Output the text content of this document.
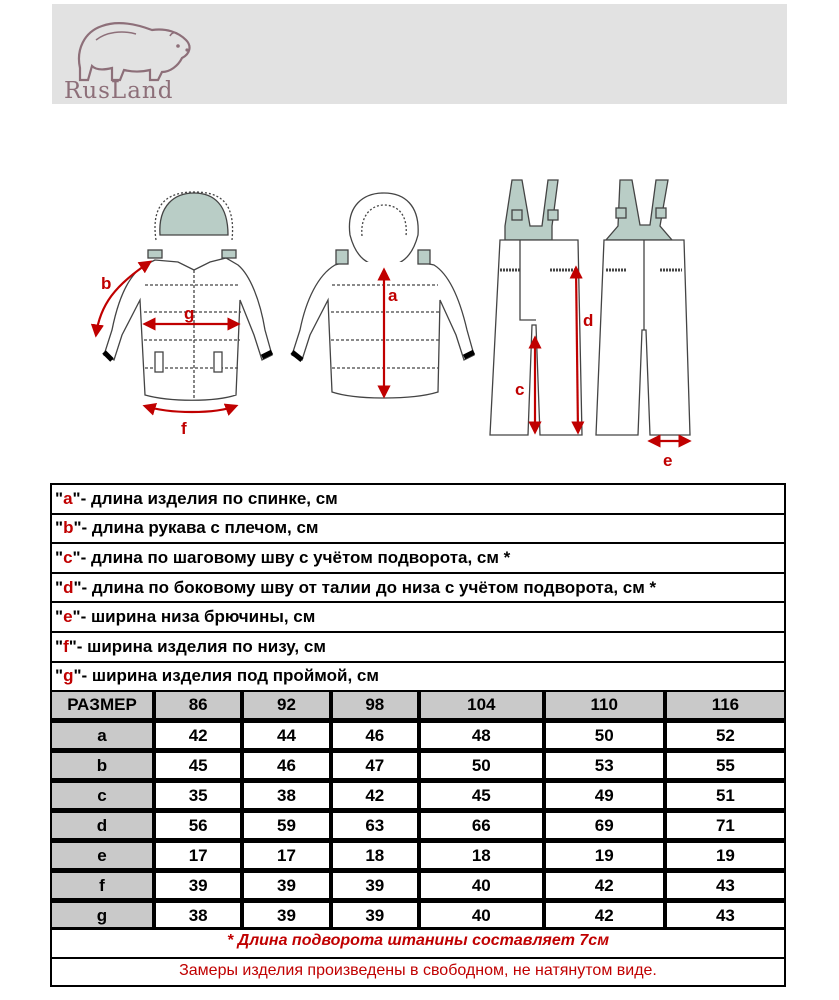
RusLand
b
g
f
a
c
d
e
" a " - длина изделия по спинке, см
" b " - длина рукава с плечом, см
" c " - длина по шаговому шву с учётом подворота, см *
" d " - длина по боковому шву от талии до низа с учётом подворота, см *
" e " - ширина низа брючины, см
" f " - ширина изделия по низу, см
" g " - ширина изделия под проймой, см
РАЗМЕР	86	92	98	104	110	116
a	42	44	46	48	50	52
b	45	46	47	50	53	55
c	35	38	42	45	49	51
d	56	59	63	66	69	71
e	17	17	18	18	19	19
f	39	39	39	40	42	43
g	38	39	39	40	42	43
* Длина подворота штанины составляет 7см
Замеры изделия произведены в свободном, не натянутом виде.
